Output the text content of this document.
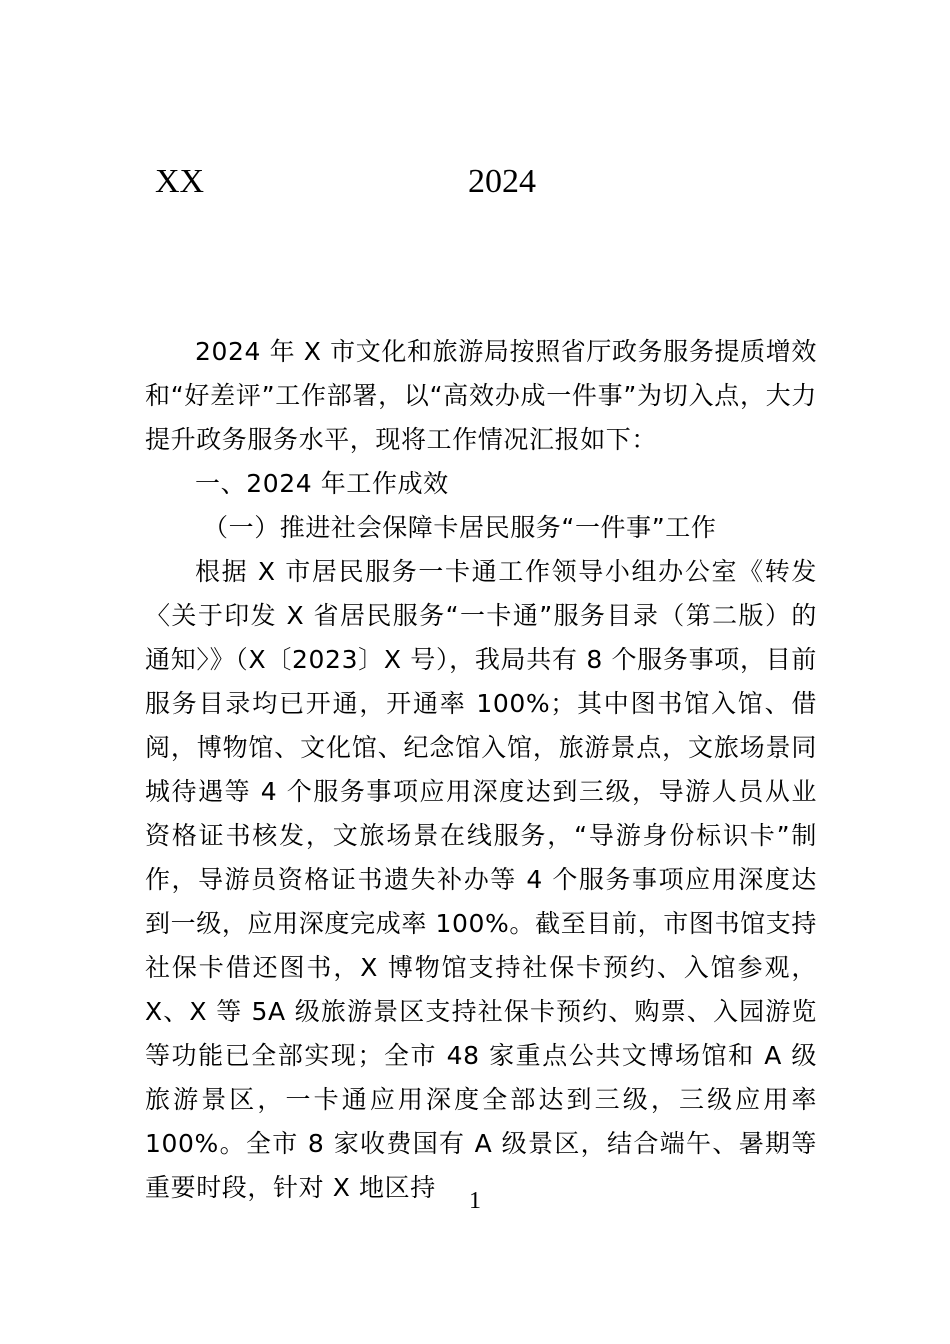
XX	2024

2024 年 X 市文化和旅游局按照省厅政务服务提质增效和“好差评”工作部署，以“高效办成一件事”为切入点，大力提升政务服务水平，现将工作情况汇报如下：

一、2024 年工作成效

（一）推进社会保障卡居民服务“一件事”工作

根据 X 市居民服务一卡通工作领导小组办公室《转发〈关于印发 X 省居民服务“一卡通”服务目录（第二版）的通知〉》（X〔2023〕X 号），我局共有 8 个服务事项，目前服务目录均已开通，开通率 100%；其中图书馆入馆、借阅，博物馆、文化馆、纪念馆入馆，旅游景点，文旅场景同城待遇等 4 个服务事项应用深度达到三级，导游人员从业资格证书核发，文旅场景在线服务，“导游身份标识卡”制作，导游员资格证书遗失补办等 4 个服务事项应用深度达到一级，应用深度完成率 100%。截至目前，市图书馆支持社保卡借还图书，X 博物馆支持社保卡预约、入馆参观，X、X 等 5A 级旅游景区支持社保卡预约、购票、入园游览等功能已全部实现；全市 48 家重点公共文博场馆和 A 级旅游景区，一卡通应用深度全部达到三级，三级应用率 100%。全市 8 家收费国有 A 级景区，结合端午、暑期等重要时段，针对 X 地区持	1
